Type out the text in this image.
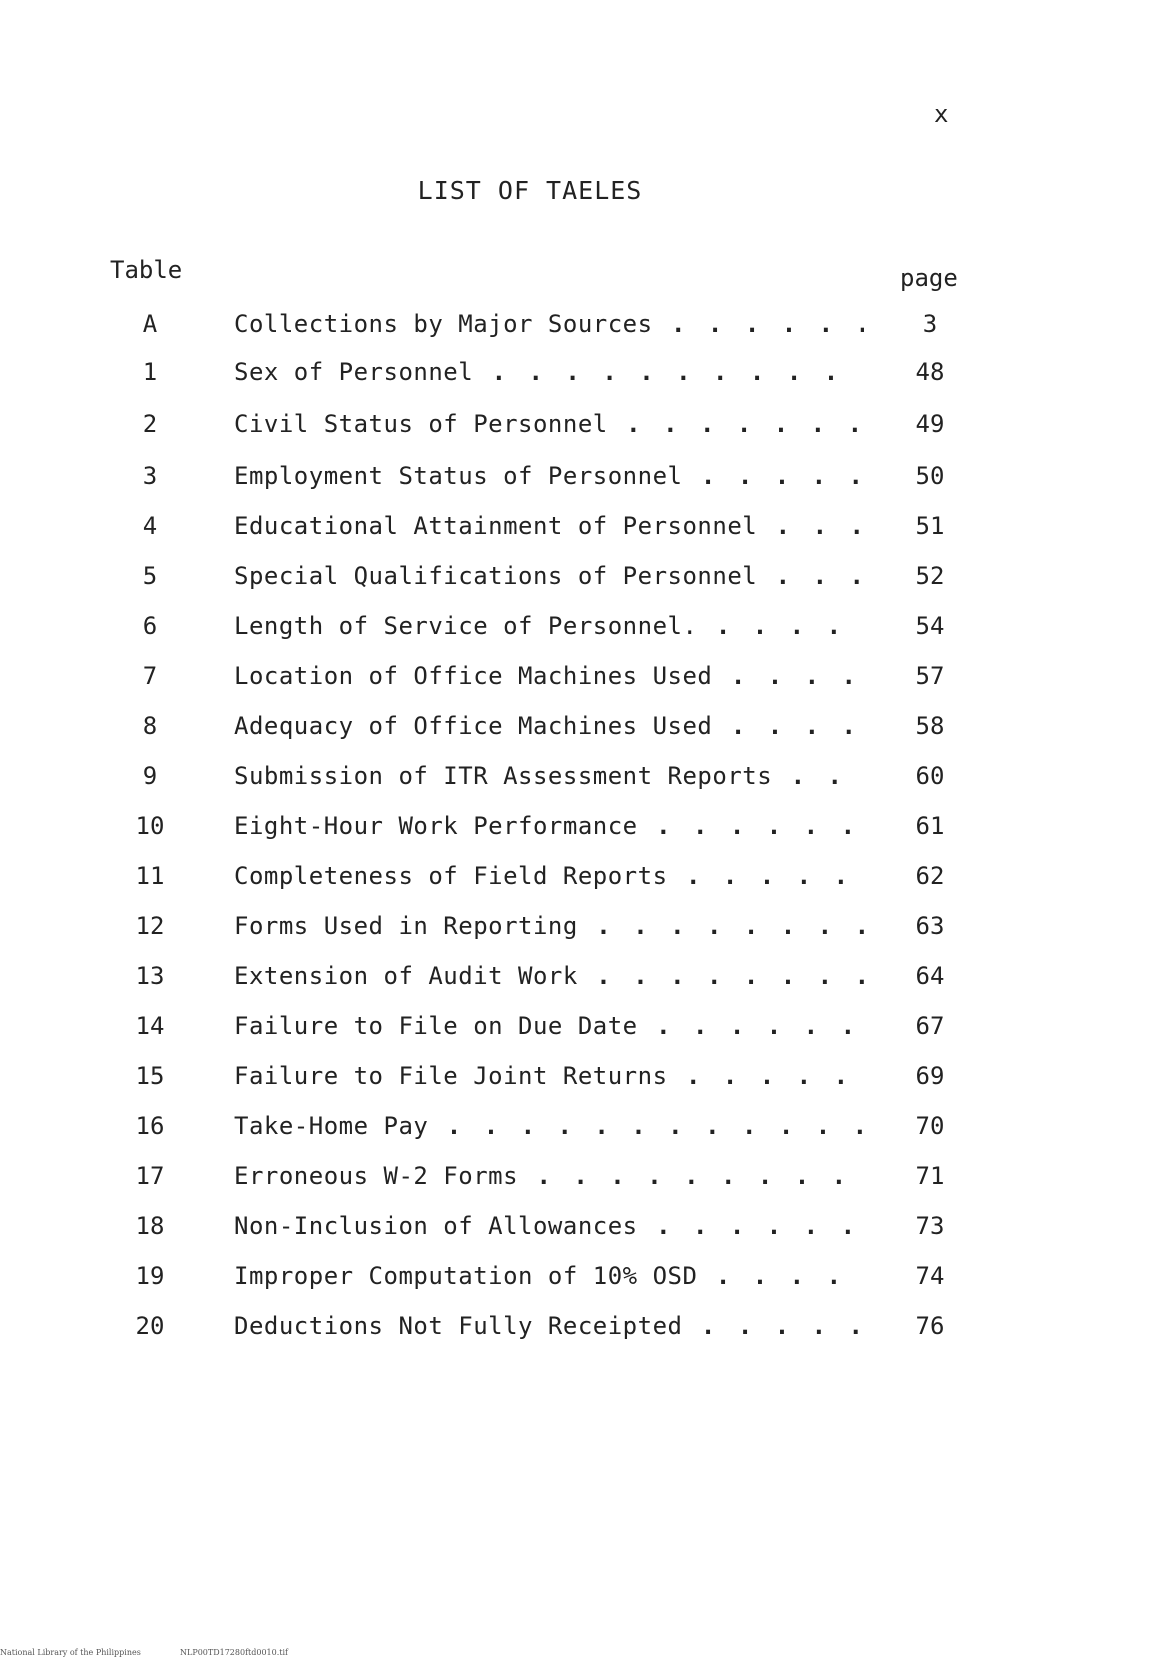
x
LIST OF TAELES
Table	page
A	Collections by Major Sources . . .	3
1	Sex of Personnel . . .	48
2	Civil Status of Personnel . . .	49
3	Employment Status of Personnel . . .	50
4	Educational Attainment of Personnel . . .	51
5	Special Qualifications of Personnel . . .	52
6	Length of Service of Personnel. . . .	54
7	Location of Office Machines Used . . .	57
8	Adequacy of Office Machines Used . . .	58
9	Submission of ITR Assessment Reports . . .	60
10	Eight-Hour Work Performance . . .	61
11	Completeness of Field Reports . . .	62
12	Forms Used in Reporting . . .	63
13	Extension of Audit Work . . .	64
14	Failure to File on Due Date . . .	67
15	Failure to File Joint Returns . . .	69
16	Take-Home Pay . . .	70
17	Erroneous W-2 Forms . . .	71
18	Non-Inclusion of Allowances . . .	73
19	Improper Computation of 10% OSD . . .	74
20	Deductions Not Fully Receipted . . .	76
National Library of the Philippines	NLP00TD17280ftd0010.tif
